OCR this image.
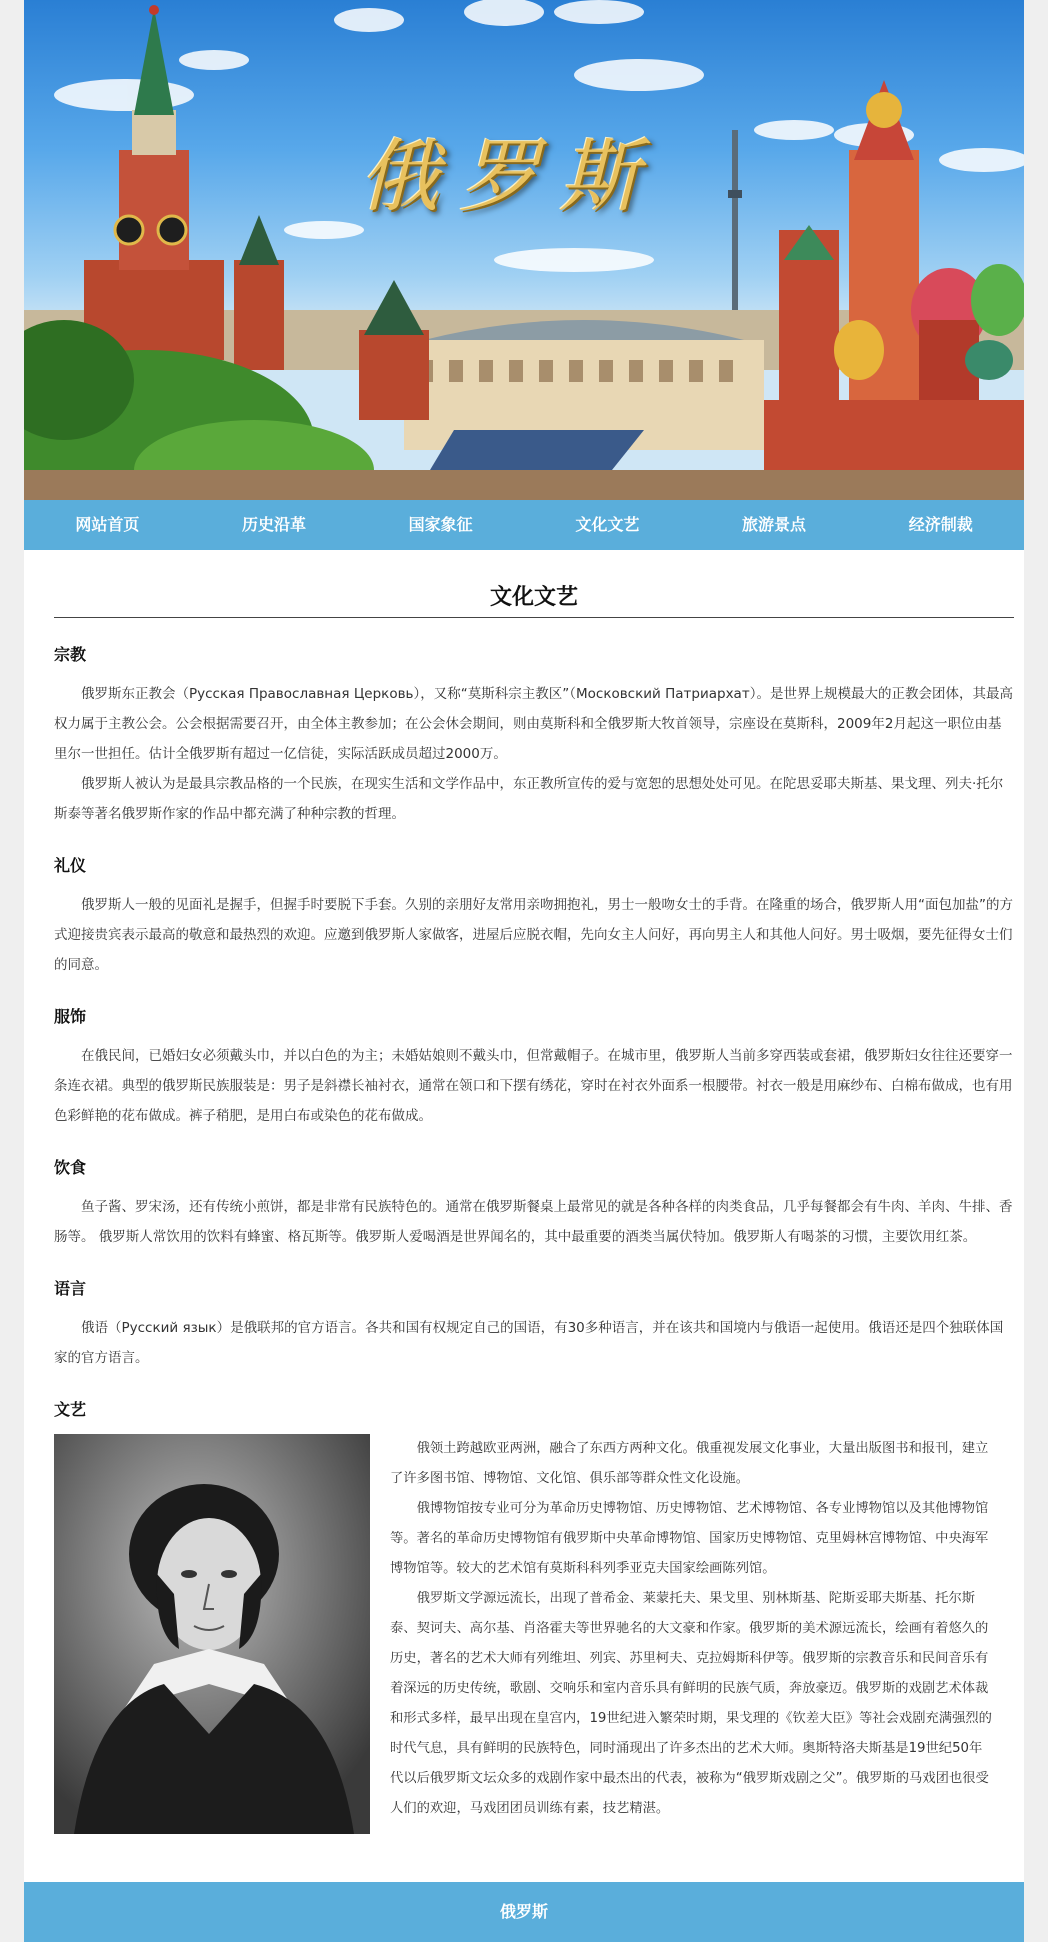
俄罗斯
网站首页	历史沿革	国家象征	文化文艺	旅游景点	经济制裁
文化文艺
宗教

俄罗斯东正教会（Русская Православная Церковь），又称“莫斯科宗主教区”（Московский Патриархат）。是世界上规模最大的正教会团体，其最高权力属于主教公会。公会根据需要召开，由全体主教参加；在公会休会期间，则由莫斯科和全俄罗斯大牧首领导，宗座设在莫斯科，2009年2月起这一职位由基里尔一世担任。估计全俄罗斯有超过一亿信徒，实际活跃成员超过2000万。

俄罗斯人被认为是最具宗教品格的一个民族，在现实生活和文学作品中，东正教所宣传的爱与宽恕的思想处处可见。在陀思妥耶夫斯基、果戈理、列夫·托尔斯泰等著名俄罗斯作家的作品中都充满了种种宗教的哲理。

礼仪

俄罗斯人一般的见面礼是握手，但握手时要脱下手套。久别的亲朋好友常用亲吻拥抱礼，男士一般吻女士的手背。在隆重的场合，俄罗斯人用“面包加盐”的方式迎接贵宾表示最高的敬意和最热烈的欢迎。应邀到俄罗斯人家做客，进屋后应脱衣帽，先向女主人问好，再向男主人和其他人问好。男士吸烟，要先征得女士们的同意。

服饰

在俄民间，已婚妇女必须戴头巾，并以白色的为主；未婚姑娘则不戴头巾，但常戴帽子。在城市里，俄罗斯人当前多穿西装或套裙，俄罗斯妇女往往还要穿一条连衣裙。典型的俄罗斯民族服装是：男子是斜襟长袖衬衣，通常在领口和下摆有绣花，穿时在衬衣外面系一根腰带。衬衣一般是用麻纱布、白棉布做成，也有用色彩鲜艳的花布做成。裤子稍肥，是用白布或染色的花布做成。

饮食

鱼子酱、罗宋汤，还有传统小煎饼，都是非常有民族特色的。通常在俄罗斯餐桌上最常见的就是各种各样的肉类食品，几乎每餐都会有牛肉、羊肉、牛排、香肠等。 俄罗斯人常饮用的饮料有蜂蜜、格瓦斯等。俄罗斯人爱喝酒是世界闻名的，其中最重要的酒类当属伏特加。俄罗斯人有喝茶的习惯，主要饮用红茶。

语言

俄语（Русский язык）是俄联邦的官方语言。各共和国有权规定自己的国语，有30多种语言，并在该共和国境内与俄语一起使用。俄语还是四个独联体国家的官方语言。

文艺

俄领土跨越欧亚两洲，融合了东西方两种文化。俄重视发展文化事业，大量出版图书和报刊，建立了许多图书馆、博物馆、文化馆、俱乐部等群众性文化设施。

俄博物馆按专业可分为革命历史博物馆、历史博物馆、艺术博物馆、各专业博物馆以及其他博物馆等。著名的革命历史博物馆有俄罗斯中央革命博物馆、国家历史博物馆、克里姆林宫博物馆、中央海军博物馆等。较大的艺术馆有莫斯科科列季亚克夫国家绘画陈列馆。

俄罗斯文学源远流长，出现了普希金、莱蒙托夫、果戈里、别林斯基、陀斯妥耶夫斯基、托尔斯泰、契诃夫、高尔基、肖洛霍夫等世界驰名的大文豪和作家。俄罗斯的美术源远流长，绘画有着悠久的历史，著名的艺术大师有列维坦、列宾、苏里柯夫、克拉姆斯科伊等。俄罗斯的宗教音乐和民间音乐有着深远的历史传统，歌剧、交响乐和室内音乐具有鲜明的民族气质，奔放豪迈。俄罗斯的戏剧艺术体裁和形式多样，最早出现在皇宫内，19世纪进入繁荣时期，果戈理的《钦差大臣》等社会戏剧充满强烈的时代气息，具有鲜明的民族特色，同时涌现出了许多杰出的艺术大师。奥斯特洛夫斯基是19世纪50年代以后俄罗斯文坛众多的戏剧作家中最杰出的代表，被称为“俄罗斯戏剧之父”。俄罗斯的马戏团也很受人们的欢迎，马戏团团员训练有素，技艺精湛。

俄罗斯
